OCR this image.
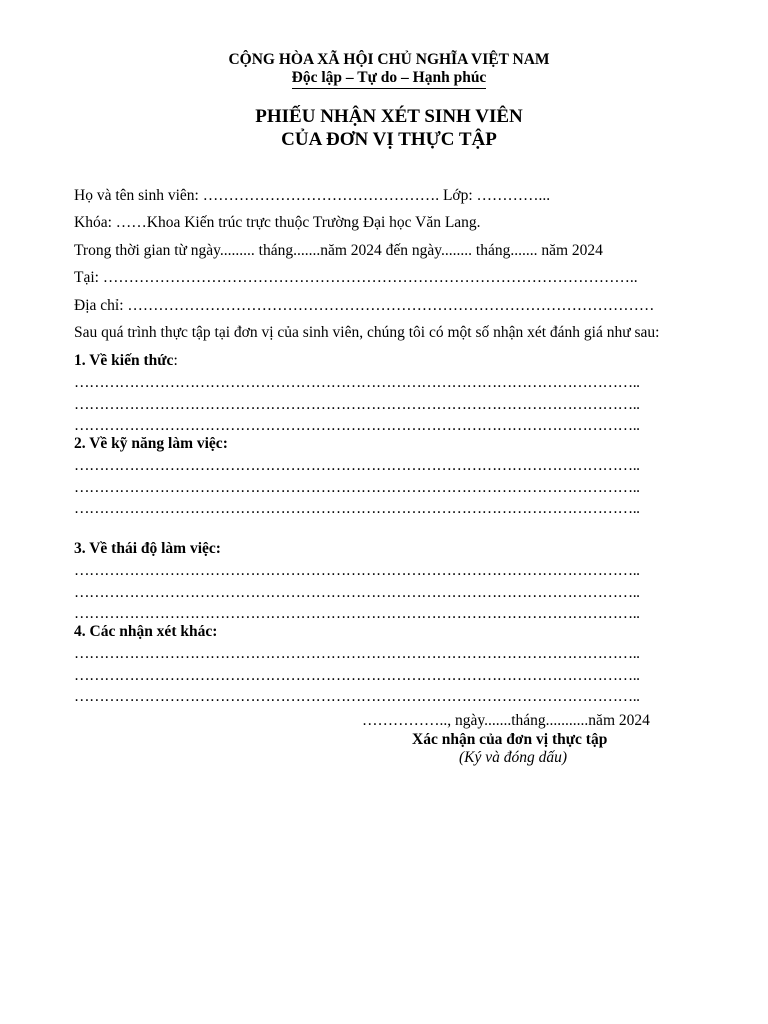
CỘNG HÒA XÃ HỘI CHỦ NGHĨA VIỆT NAM
Độc lập – Tự do – Hạnh phúc
PHIẾU NHẬN XÉT SINH VIÊN
CỦA ĐƠN VỊ THỰC TẬP
Họ và tên sinh viên: ………………………………………. Lớp: …………...
Khóa: ……Khoa Kiến trúc trực thuộc Trường Đại học Văn Lang.
Trong thời gian từ ngày......... tháng.......năm 2024 đến ngày........ tháng....... năm 2024
Tại: …………………………………………………………………………………………..
Địa chỉ: …………………………………………………………………………………………
Sau quá trình thực tập tại đơn vị của sinh viên, chúng tôi có một số nhận xét đánh giá như sau:
1. Về kiến thức:
…………………………………………………………………………………………………..
…………………………………………………………………………………………………..
…………………………………………………………………………………………………..
2. Về kỹ năng làm việc:
…………………………………………………………………………………………………..
…………………………………………………………………………………………………..
…………………………………………………………………………………………………..
3. Về thái độ làm việc:
…………………………………………………………………………………………………..
…………………………………………………………………………………………………..
…………………………………………………………………………………………………..
4. Các nhận xét khác:
…………………………………………………………………………………………………..
…………………………………………………………………………………………………..
…………………………………………………………………………………………………..
…………….., ngày.......tháng...........năm 2024
Xác nhận của đơn vị thực tập
(Ký và đóng dấu)
